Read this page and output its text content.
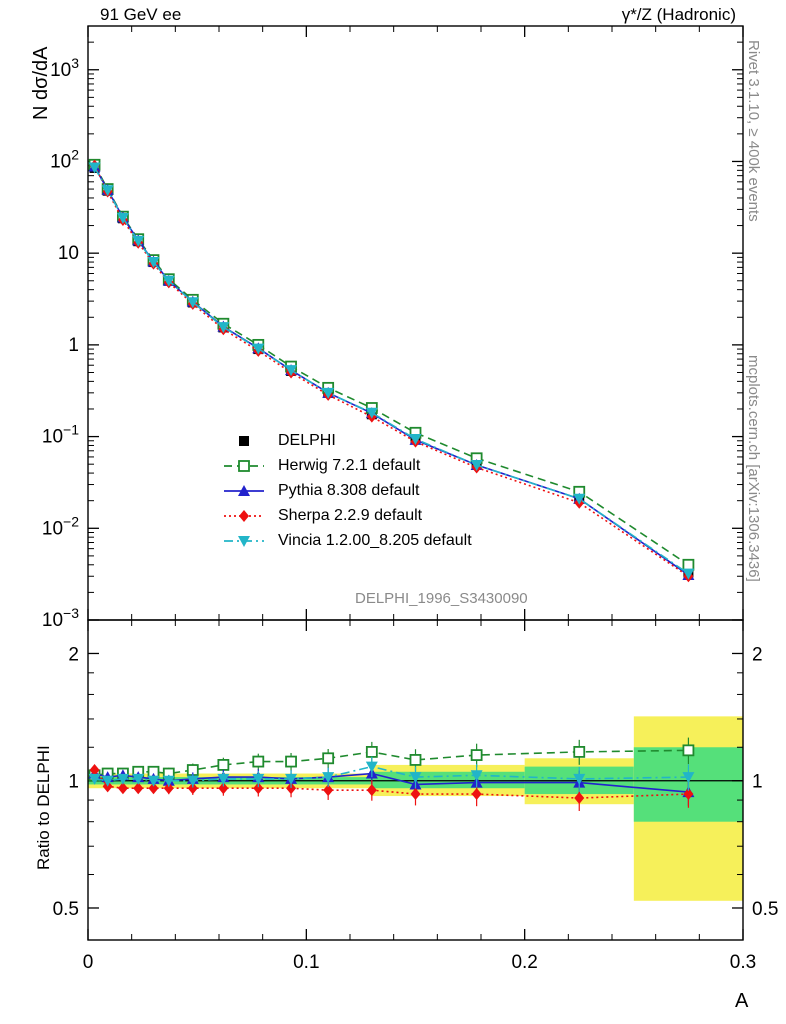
91 GeV ee	γ*/Z (Hadronic)
Rivet 3.1.10, ≥ 400k events
mcplots.cern.ch [arXiv:1306.3436]
N dσ/dA
Ratio to DELPHI
A
DELPHI_1996_S3430090
$10^3$
$10^2$
10
1
$10^{-1}$
$10^{-2}$
$10^{-3}$
0	0.1	0.2	0.3
2	2
1	1
0.5	0.5
DELPHI
Herwig 7.2.1 default
Pythia 8.308 default
Sherpa 2.2.9 default
Vincia 1.2.00_8.205 default
